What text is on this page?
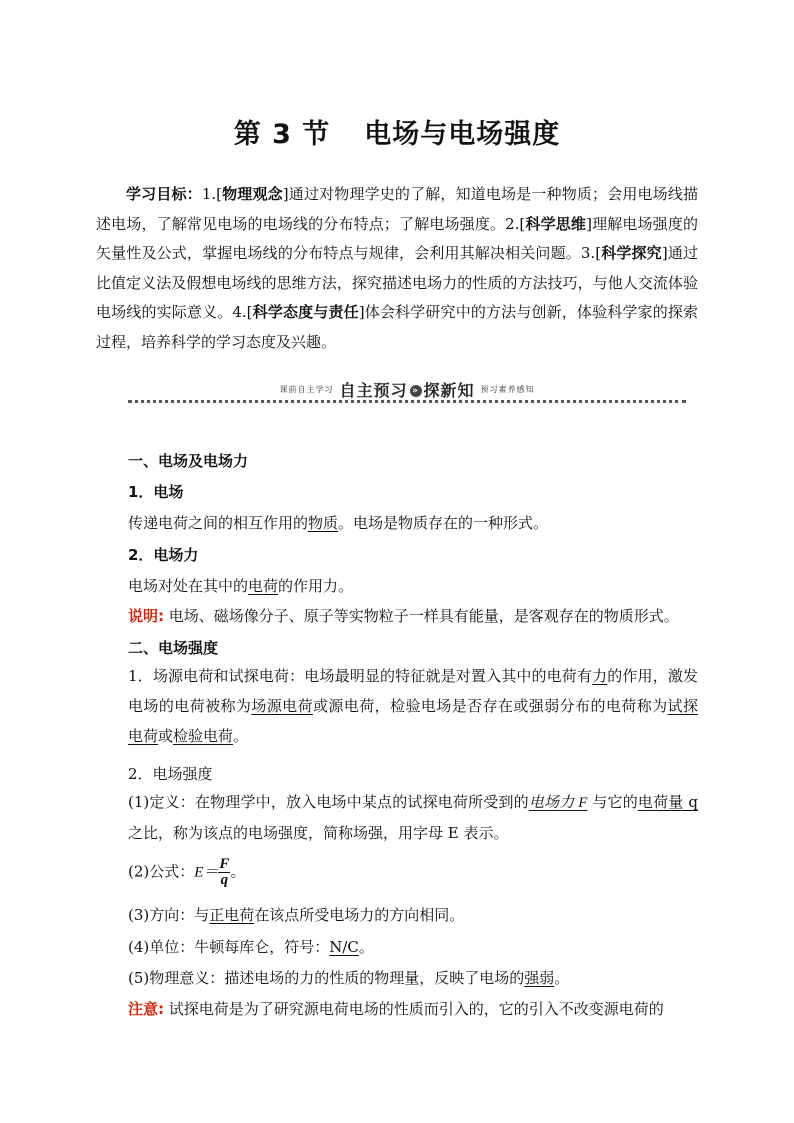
第 3 节 电场与电场强度
学习目标：1.[物理观念]通过对物理学史的了解，知道电场是一种物质；会用电场线描述电场，了解常见电场的电场线的分布特点；了解电场强度。2.[科学思维]理解电场强度的矢量性及公式，掌握电场线的分布特点与规律，会利用其解决相关问题。3.[科学探究]通过比值定义法及假想电场线的思维方法，探究描述电场力的性质的方法技巧，与他人交流体验电场线的实际意义。4.[科学态度与责任]体会科学研究中的方法与创新，体验科学家的探索过程，培养科学的学习态度及兴趣。
课前自主学习 自主预习 » 探新知 预习素养感知
一、电场及电场力
1．电场
传递电荷之间的相互作用的物质。电场是物质存在的一种形式。
2．电场力
电场对处在其中的电荷的作用力。
说明: 电场、磁场像分子、原子等实物粒子一样具有能量，是客观存在的物质形式。
二、电场强度
1．场源电荷和试探电荷：电场最明显的特征就是对置入其中的电荷有力的作用，激发电场的电荷被称为场源电荷或源电荷，检验电场是否存在或强弱分布的电荷称为试探电荷或检验电荷。
2．电场强度
(1)定义：在物理学中，放入电场中某点的试探电荷所受到的电场力 F 与它的电荷量 q 之比，称为该点的电场强度，简称场强，用字母 E 表示。
(2)公式：$E= \frac{F}{q}$ 。
(3)方向：与正电荷在该点所受电场力的方向相同。
(4)单位：牛顿每库仑，符号：N/C。
(5)物理意义：描述电场的力的性质的物理量，反映了电场的强弱。
注意: 试探电荷是为了研究源电荷电场的性质而引入的，它的引入不改变源电荷的
